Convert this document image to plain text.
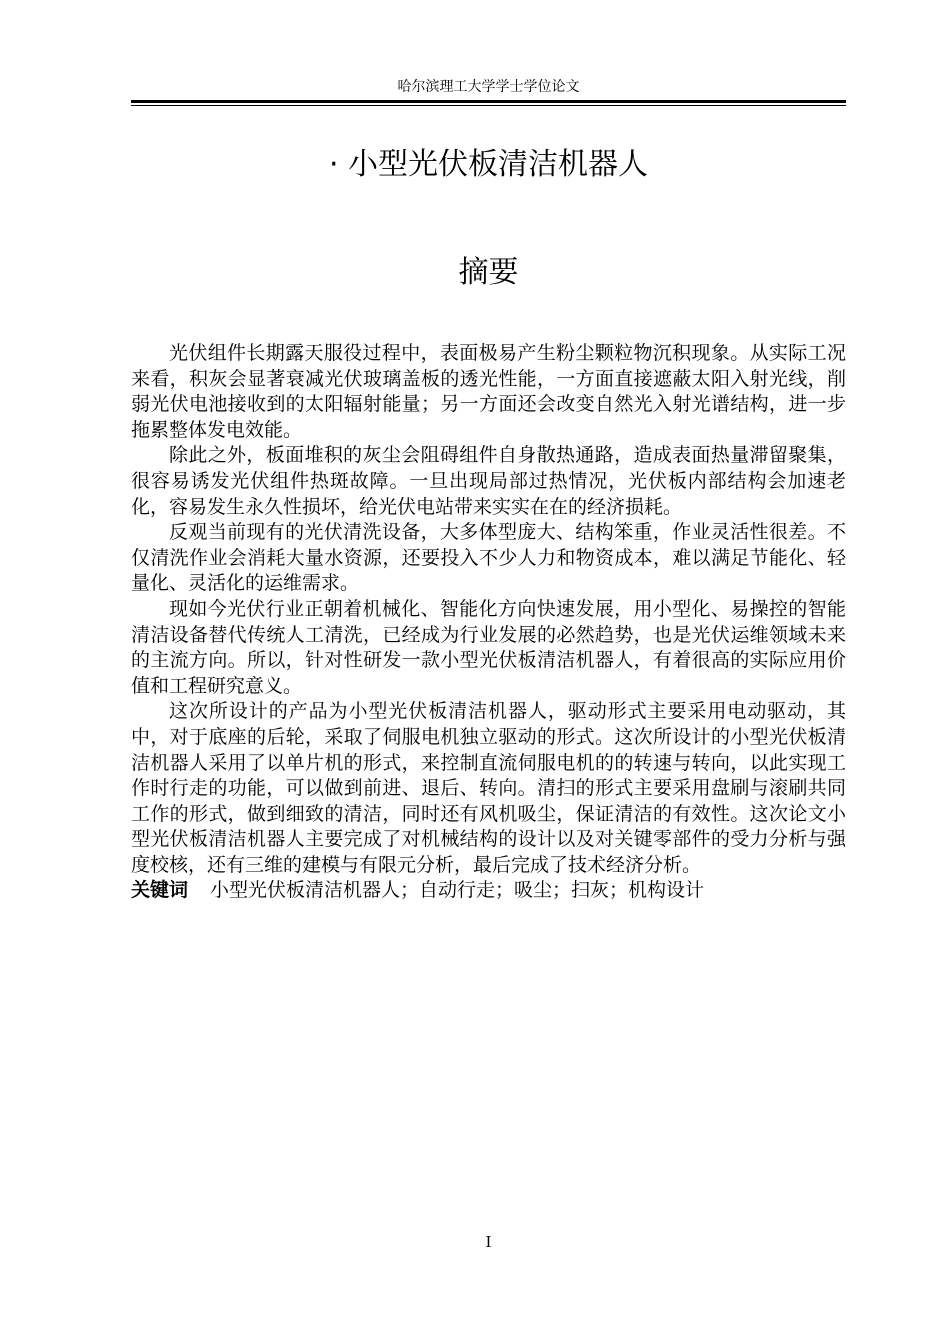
哈尔滨理工大学学士学位论文
· 小型光伏板清洁机器人
摘要

光伏组件长期露天服役过程中，表面极易产生粉尘颗粒物沉积现象。从实际工况来看，积灰会显著衰减光伏玻璃盖板的透光性能，一方面直接遮蔽太阳入射光线，削弱光伏电池接收到的太阳辐射能量；另一方面还会改变自然光入射光谱结构，进一步拖累整体发电效能。

除此之外，板面堆积的灰尘会阻碍组件自身散热通路，造成表面热量滞留聚集，很容易诱发光伏组件热斑故障。一旦出现局部过热情况，光伏板内部结构会加速老化，容易发生永久性损坏，给光伏电站带来实实在在的经济损耗。

反观当前现有的光伏清洗设备，大多体型庞大、结构笨重，作业灵活性很差。不仅清洗作业会消耗大量水资源，还要投入不少人力和物资成本，难以满足节能化、轻量化、灵活化的运维需求。

现如今光伏行业正朝着机械化、智能化方向快速发展，用小型化、易操控的智能清洁设备替代传统人工清洗，已经成为行业发展的必然趋势，也是光伏运维领域未来的主流方向。所以，针对性研发一款小型光伏板清洁机器人，有着很高的实际应用价值和工程研究意义。

这次所设计的产品为小型光伏板清洁机器人，驱动形式主要采用电动驱动，其中，对于底座的后轮，采取了伺服电机独立驱动的形式。这次所设计的小型光伏板清洁机器人采用了以单片机的形式，来控制直流伺服电机的的转速与转向，以此实现工作时行走的功能，可以做到前进、退后、转向。清扫的形式主要采用盘刷与滚刷共同工作的形式，做到细致的清洁，同时还有风机吸尘，保证清洁的有效性。这次论文小型光伏板清洁机器人主要完成了对机械结构的设计以及对关键零部件的受力分析与强度校核，还有三维的建模与有限元分析，最后完成了技术经济分析。

关键词 小型光伏板清洁机器人；自动行走；吸尘；扫灰；机构设计

I
